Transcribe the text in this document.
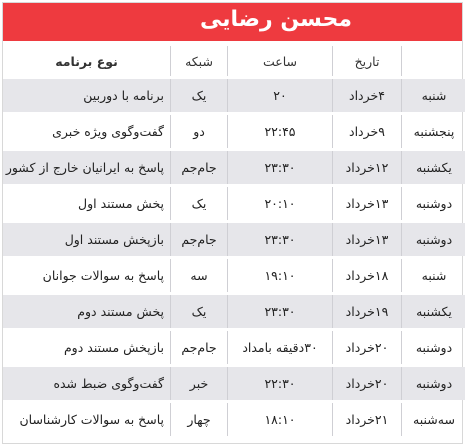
محسن رضایی
	تاریخ	ساعت	شبکه	نوع برنامه
شنبه	۴خرداد	۲۰	یک	برنامه با دوربین
پنجشنبه	۹خرداد	۲۲:۴۵	دو	گفت‌وگوی ویژه خبری
یکشنبه	۱۲خرداد	۲۳:۳۰	جام‌جم	پاسخ به ایرانیان خارج از کشور
دوشنبه	۱۳خرداد	۲۰:۱۰	یک	پخش مستند اول
دوشنبه	۱۳خرداد	۲۳:۳۰	جام‌جم	بازپخش مستند اول
شنبه	۱۸خرداد	۱۹:۱۰	سه	پاسخ به سوالات جوانان
یکشنبه	۱۹خرداد	۲۳:۳۰	یک	پخش مستند دوم
دوشنبه	۲۰خرداد	۳۰دقیقه بامداد	جام‌جم	بازپخش مستند دوم
دوشنبه	۲۰خرداد	۲۲:۳۰	خبر	گفت‌وگوی ضبط شده
سه‌شنبه	۲۱خرداد	۱۸:۱۰	چهار	پاسخ به سوالات کارشناسان
